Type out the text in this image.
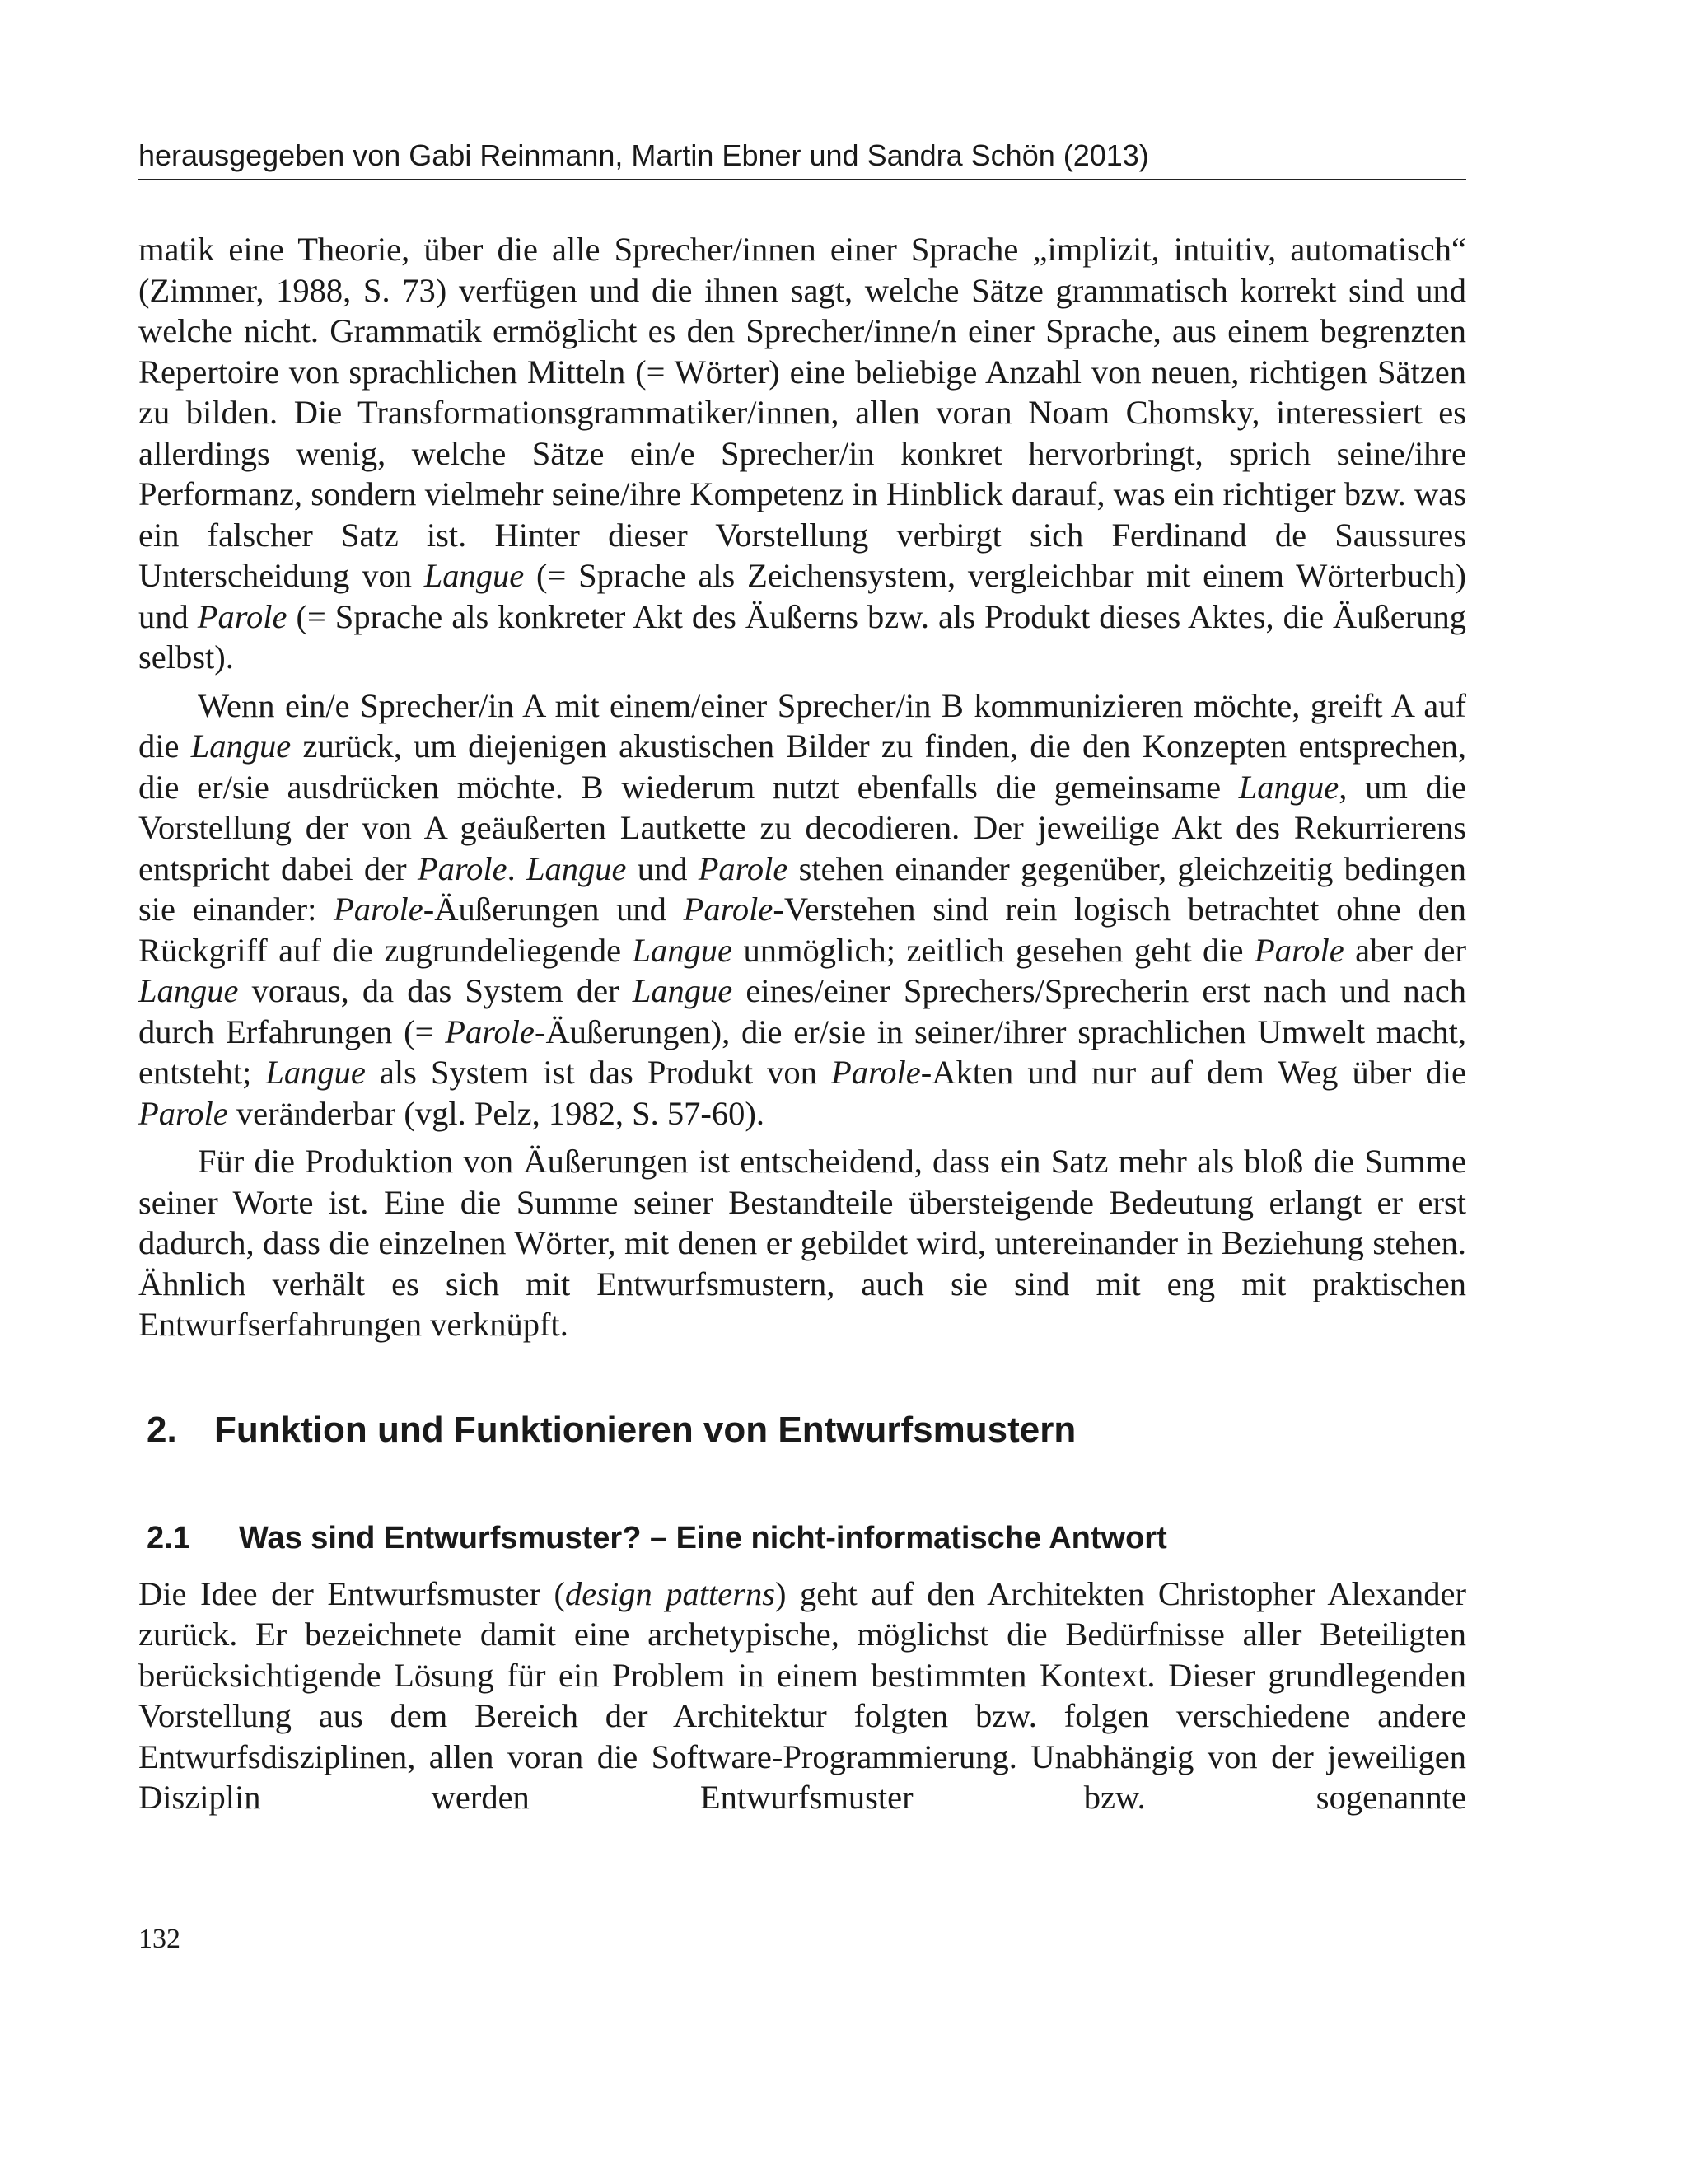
herausgegeben von Gabi Reinmann, Martin Ebner und Sandra Schön (2013)

matik eine Theorie, über die alle Sprecher/innen einer Sprache „implizit, intuitiv, automatisch“ (Zimmer, 1988, S. 73) verfügen und die ihnen sagt, welche Sätze grammatisch korrekt sind und welche nicht. Grammatik ermöglicht es den Sprecher/inne/n einer Sprache, aus einem begrenzten Repertoire von sprachlichen Mitteln (= Wörter) eine beliebige Anzahl von neuen, richtigen Sätzen zu bilden. Die Transformationsgrammatiker/innen, allen voran Noam Chomsky, interessiert es allerdings wenig, welche Sätze ein/e Sprecher/in konkret hervorbringt, sprich seine/ihre Performanz, sondern vielmehr seine/ihre Kompetenz in Hinblick darauf, was ein richtiger bzw. was ein falscher Satz ist. Hinter dieser Vorstellung verbirgt sich Ferdinand de Saussures Unterscheidung von Langue (= Sprache als Zeichensystem, vergleichbar mit einem Wörterbuch) und Parole (= Sprache als konkreter Akt des Äußerns bzw. als Produkt dieses Aktes, die Äußerung selbst).

Wenn ein/e Sprecher/in A mit einem/einer Sprecher/in B kommunizieren möchte, greift A auf die Langue zurück, um diejenigen akustischen Bilder zu finden, die den Konzepten entsprechen, die er/sie ausdrücken möchte. B wiederum nutzt ebenfalls die gemeinsame Langue, um die Vorstellung der von A geäußerten Lautkette zu decodieren. Der jeweilige Akt des Rekurrierens entspricht dabei der Parole. Langue und Parole stehen einander gegenüber, gleichzeitig bedingen sie einander: Parole-Äußerungen und Parole-Verstehen sind rein logisch betrachtet ohne den Rückgriff auf die zugrundeliegende Langue unmöglich; zeitlich gesehen geht die Parole aber der Langue voraus, da das System der Langue eines/einer Sprechers/Sprecherin erst nach und nach durch Erfahrungen (= Parole-Äußerungen), die er/sie in seiner/ihrer sprachlichen Umwelt macht, entsteht; Langue als System ist das Produkt von Parole-Akten und nur auf dem Weg über die Parole veränderbar (vgl. Pelz, 1982, S. 57-60).

Für die Produktion von Äußerungen ist entscheidend, dass ein Satz mehr als bloß die Summe seiner Worte ist. Eine die Summe seiner Bestandteile übersteigende Bedeutung erlangt er erst dadurch, dass die einzelnen Wörter, mit denen er gebildet wird, untereinander in Beziehung stehen. Ähnlich verhält es sich mit Entwurfsmustern, auch sie sind mit eng mit praktischen Entwurfserfahrungen verknüpft.

2. Funktion und Funktionieren von Entwurfsmustern
2.1 Was sind Entwurfsmuster? – Eine nicht-informatische Antwort

Die Idee der Entwurfsmuster (design patterns) geht auf den Architekten Christopher Alexander zurück. Er bezeichnete damit eine archetypische, möglichst die Bedürfnisse aller Beteiligten berücksichtigende Lösung für ein Problem in einem bestimmten Kontext. Dieser grundlegenden Vorstellung aus dem Bereich der Architektur folgten bzw. folgen verschiedene andere Entwurfsdisziplinen, allen voran die Software-Programmierung. Unabhängig von der jeweiligen Disziplin werden Entwurfsmuster bzw. sogenannte

132
